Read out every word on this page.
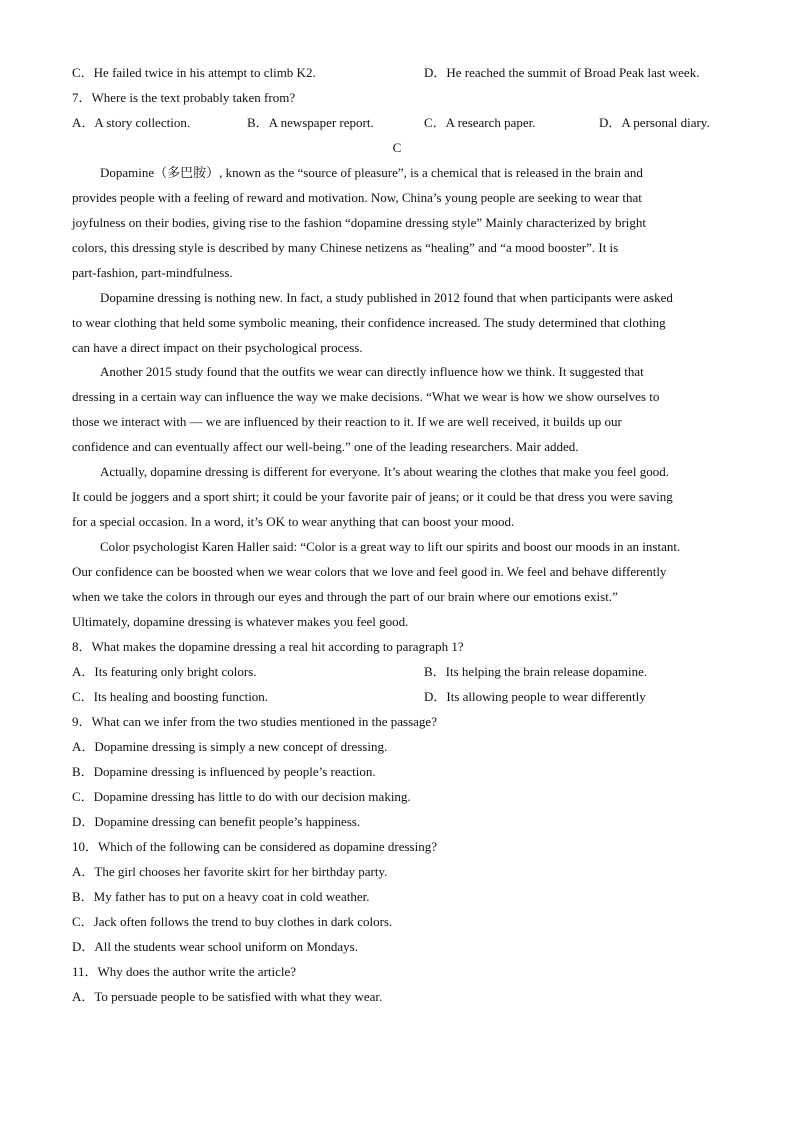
C．He failed twice in his attempt to climb K2.	D．He reached the summit of Broad Peak last week.
7．Where is the text probably taken from?
A．A story collection.	B．A newspaper report.	C．A research paper.	D．A personal diary.
C
Dopamine（多巴胺）, known as the “source of pleasure”, is a chemical that is released in the brain and
provides people with a feeling of reward and motivation. Now, China’s young people are seeking to wear that
joyfulness on their bodies, giving rise to the fashion “dopamine dressing style” Mainly characterized by bright
colors, this dressing style is described by many Chinese netizens as “healing” and “a mood booster”. It is
part-fashion, part-mindfulness.
Dopamine dressing is nothing new. In fact, a study published in 2012 found that when participants were asked
to wear clothing that held some symbolic meaning, their confidence increased. The study determined that clothing
can have a direct impact on their psychological process.
Another 2015 study found that the outfits we wear can directly influence how we think. It suggested that
dressing in a certain way can influence the way we make decisions. “What we wear is how we show ourselves to
those we interact with — we are influenced by their reaction to it. If we are well received, it builds up our
confidence and can eventually affect our well-being.” one of the leading researchers. Mair added.
Actually, dopamine dressing is different for everyone. It’s about wearing the clothes that make you feel good.
It could be joggers and a sport shirt; it could be your favorite pair of jeans; or it could be that dress you were saving
for a special occasion. In a word, it’s OK to wear anything that can boost your mood.
Color psychologist Karen Haller said: “Color is a great way to lift our spirits and boost our moods in an instant.
Our confidence can be boosted when we wear colors that we love and feel good in. We feel and behave differently
when we take the colors in through our eyes and through the part of our brain where our emotions exist.”
Ultimately, dopamine dressing is whatever makes you feel good.
8．What makes the dopamine dressing a real hit according to paragraph 1?
A．Its featuring only bright colors.	B．Its helping the brain release dopamine.
C．Its healing and boosting function.	D．Its allowing people to wear differently
9．What can we infer from the two studies mentioned in the passage?
A．Dopamine dressing is simply a new concept of dressing.
B．Dopamine dressing is influenced by people’s reaction.
C．Dopamine dressing has little to do with our decision making.
D．Dopamine dressing can benefit people’s happiness.
10．Which of the following can be considered as dopamine dressing?
A．The girl chooses her favorite skirt for her birthday party.
B．My father has to put on a heavy coat in cold weather.
C．Jack often follows the trend to buy clothes in dark colors.
D．All the students wear school uniform on Mondays.
11．Why does the author write the article?
A．To persuade people to be satisfied with what they wear.
